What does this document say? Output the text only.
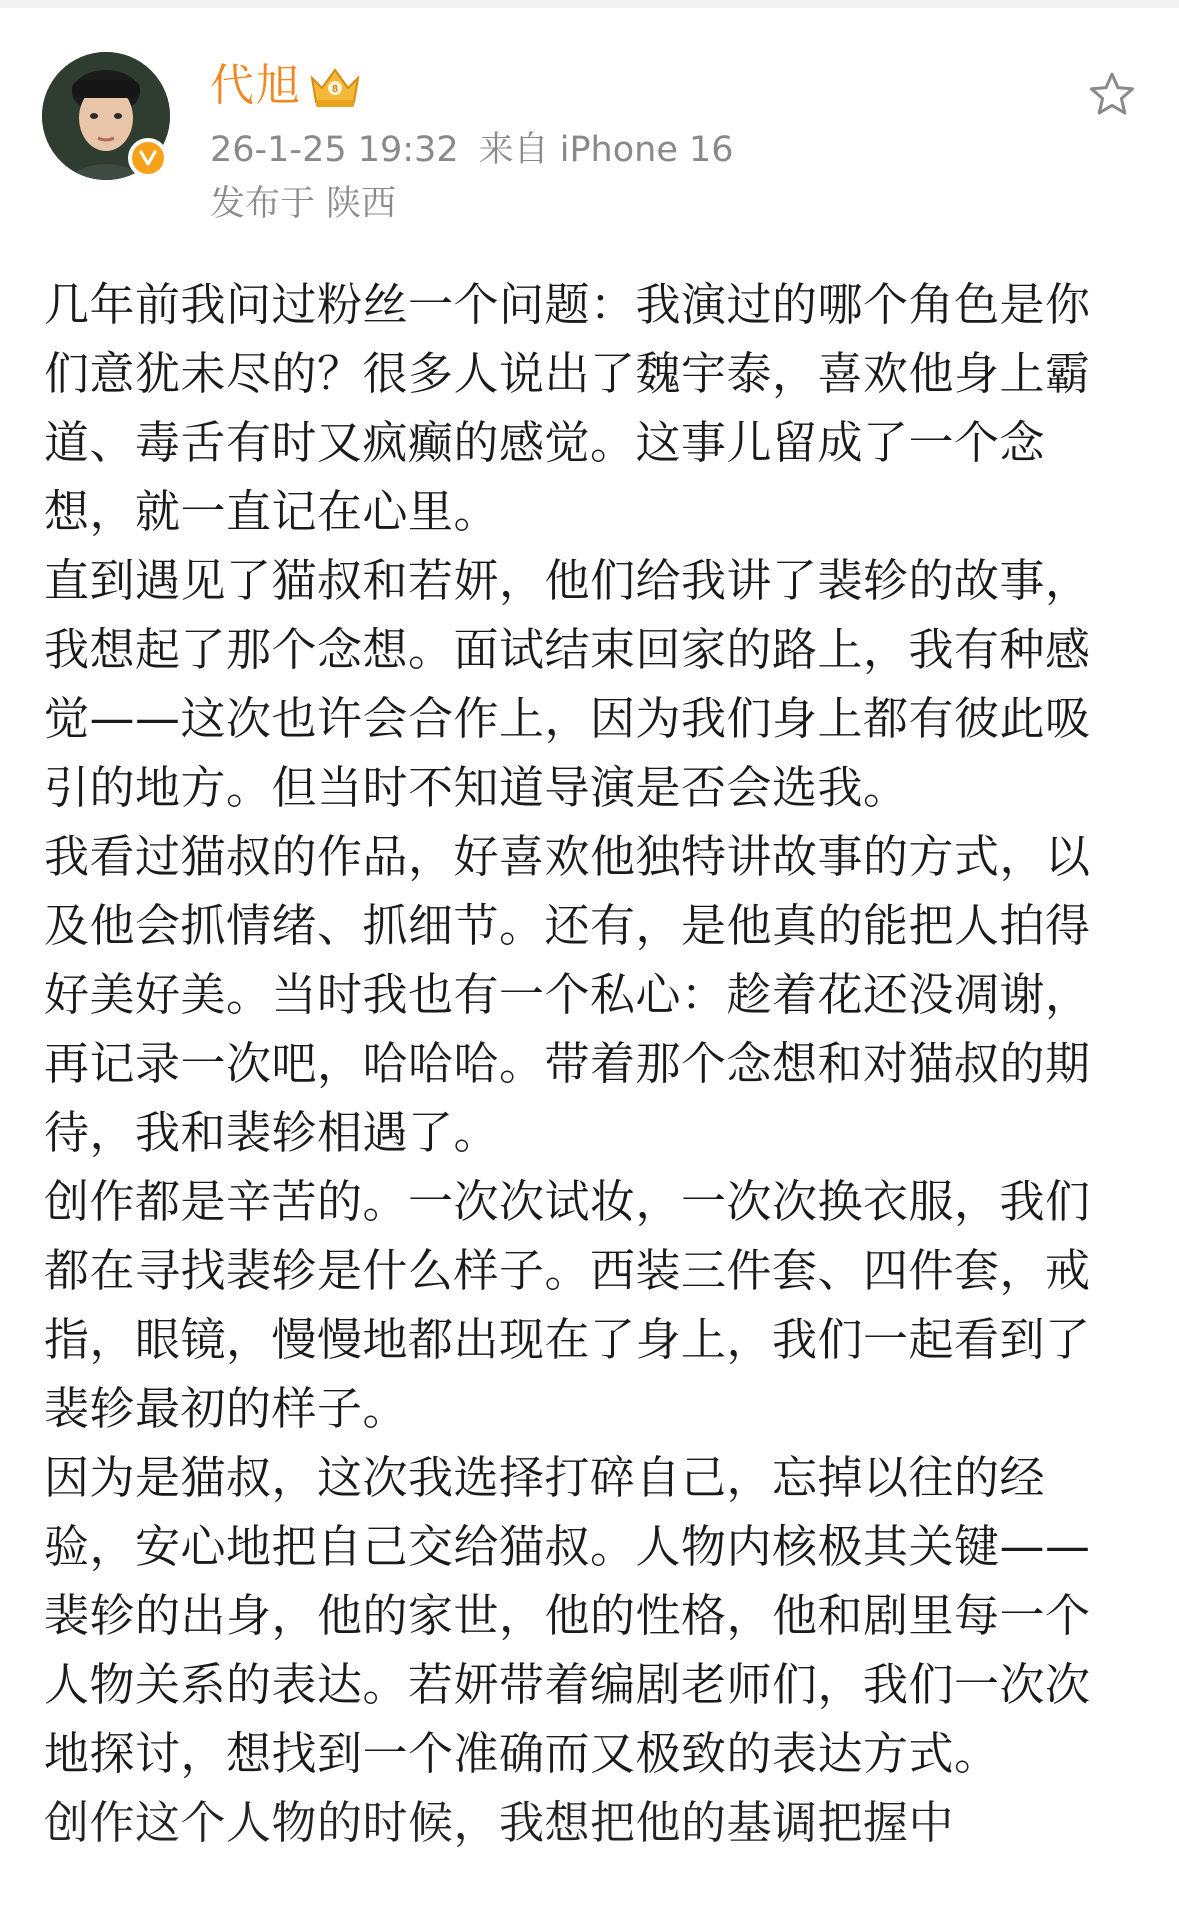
代旭	8
26-1-25 19:32 来自 iPhone 16
发布于 陕西

几年前我问过粉丝一个问题：我演过的哪个角色是你们意犹未尽的？很多人说出了魏宇泰，喜欢他身上霸道、毒舌有时又疯癫的感觉。这事儿留成了一个念想，就一直记在心里。

直到遇见了猫叔和若妍，他们给我讲了裴轸的故事，我想起了那个念想。面试结束回家的路上，我有种感觉——这次也许会合作上，因为我们身上都有彼此吸引的地方。但当时不知道导演是否会选我。

我看过猫叔的作品，好喜欢他独特讲故事的方式，以及他会抓情绪、抓细节。还有，是他真的能把人拍得好美好美。当时我也有一个私心：趁着花还没凋谢，再记录一次吧，哈哈哈。带着那个念想和对猫叔的期待，我和裴轸相遇了。

创作都是辛苦的。一次次试妆，一次次换衣服，我们都在寻找裴轸是什么样子。西装三件套、四件套，戒指，眼镜，慢慢地都出现在了身上，我们一起看到了裴轸最初的样子。

因为是猫叔，这次我选择打碎自己，忘掉以往的经验，安心地把自己交给猫叔。人物内核极其关键——裴轸的出身，他的家世，他的性格，他和剧里每一个人物关系的表达。若妍带着编剧老师们，我们一次次地探讨，想找到一个准确而又极致的表达方式。

创作这个人物的时候，我想把他的基调把握中
